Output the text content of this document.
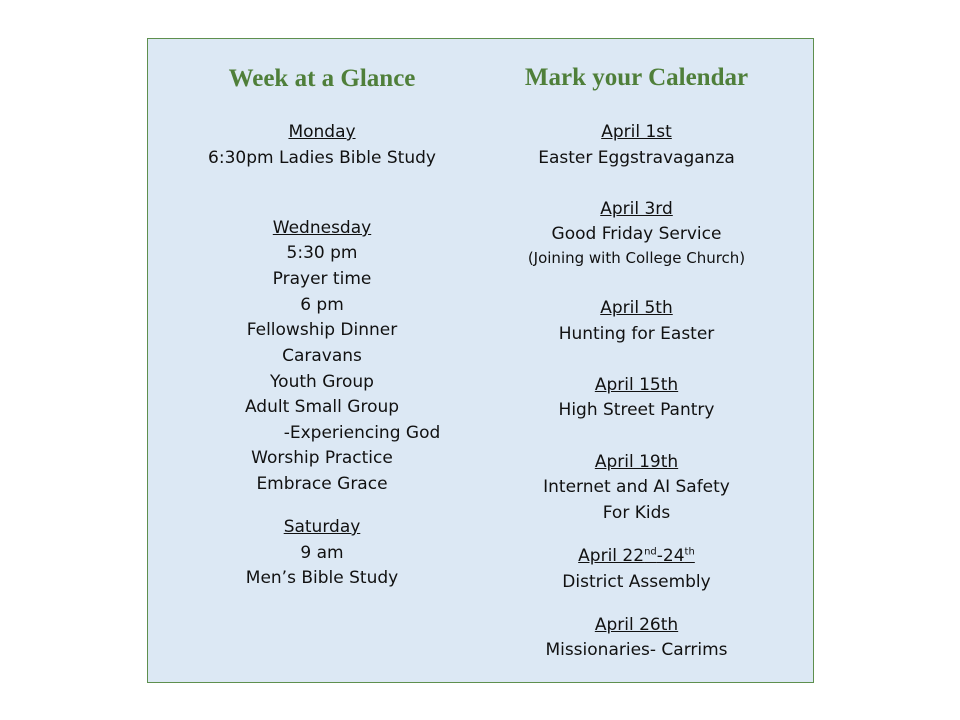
Week at a Glance
Monday
6:30pm Ladies Bible Study
Wednesday
5:30 pm
Prayer time
6 pm
Fellowship Dinner
Caravans
Youth Group
Adult Small Group
-Experiencing God
Worship Practice
Embrace Grace
Saturday
9 am
Men’s Bible Study
Mark your Calendar
April 1st
Easter Eggstravaganza
April 3rd
Good Friday Service
(Joining with College Church)
April 5th
Hunting for Easter
April 15th
High Street Pantry
April 19th
Internet and AI Safety
For Kids
April 22nd-24th
District Assembly
April 26th
Missionaries- Carrims
